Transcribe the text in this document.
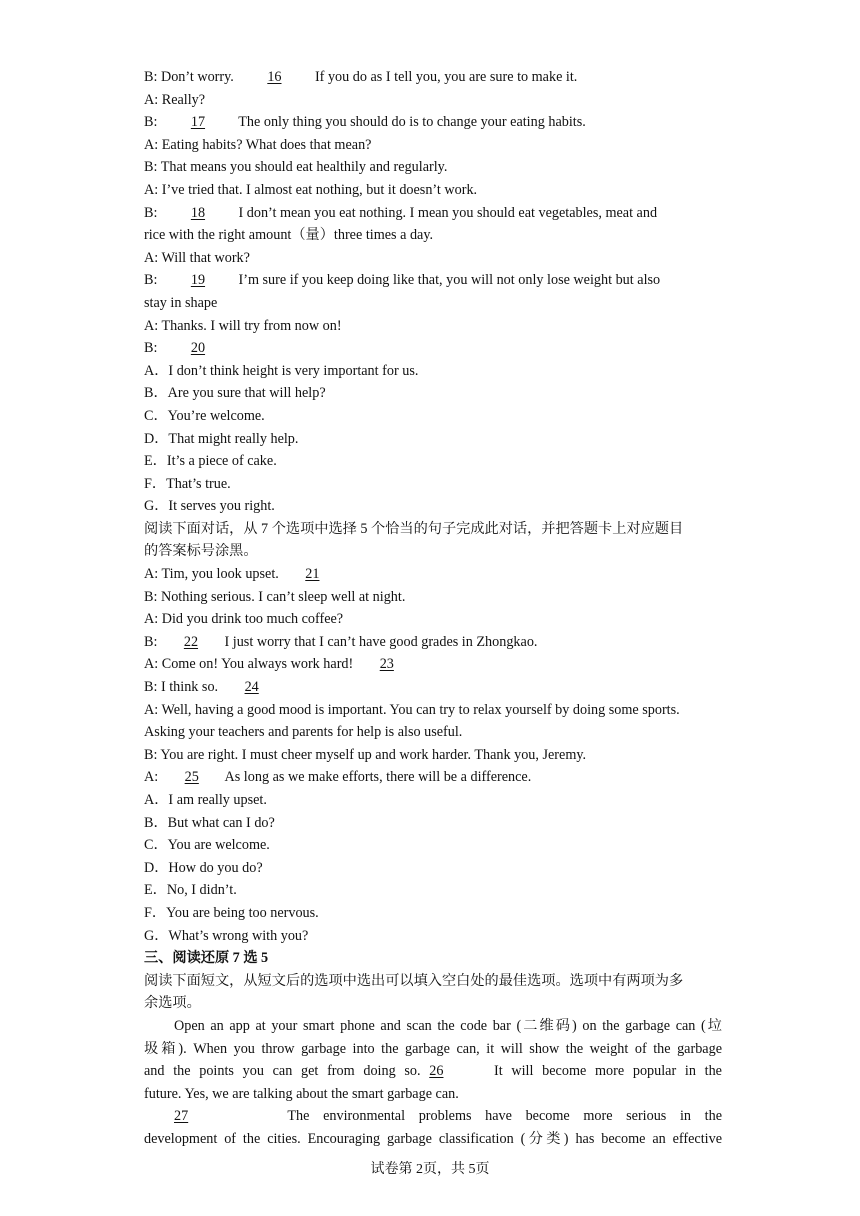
B: Don’t worry. 16 If you do as I tell you, you are sure to make it.
A: Really?
B: 17 The only thing you should do is to change your eating habits.
A: Eating habits? What does that mean?
B: That means you should eat healthily and regularly.
A: I’ve tried that. I almost eat nothing, but it doesn’t work.
B: 18 I don’t mean you eat nothing. I mean you should eat vegetables, meat and
rice with the right amount（量）three times a day.
A: Will that work?
B: 19 I’m sure if you keep doing like that, you will not only lose weight but also
stay in shape
A: Thanks. I will try from now on!
B: 20
A．I don’t think height is very important for us.
B．Are you sure that will help?
C．You’re welcome.
D．That might really help.
E．It’s a piece of cake.
F．That’s true.
G．It serves you right.
阅读下面对话，从 7 个选项中选择 5 个恰当的句子完成此对话，并把答题卡上对应题目
的答案标号涂黑。
A: Tim, you look upset. 21
B: Nothing serious. I can’t sleep well at night.
A: Did you drink too much coffee?
B: 22 I just worry that I can’t have good grades in Zhongkao.
A: Come on! You always work hard! 23
B: I think so. 24
A: Well, having a good mood is important. You can try to relax yourself by doing some sports.
Asking your teachers and parents for help is also useful.
B: You are right. I must cheer myself up and work harder. Thank you, Jeremy.
A: 25 As long as we make efforts, there will be a difference.
A．I am really upset.
B．But what can I do?
C．You are welcome.
D．How do you do?
E．No, I didn’t.
F．You are being too nervous.
G．What’s wrong with you?
三、阅读还原 7 选 5
阅读下面短文，从短文后的选项中选出可以填入空白处的最佳选项。选项中有两项为多
余选项。
Open an app at your smart phone and scan the code bar (二维码) on the garbage can (垃
圾箱). When you throw garbage into the garbage can, it will show the weight of the garbage
and the points you can get from doing so. 26	It will become more popular in the
future. Yes, we are talking about the smart garbage can.
27	The environmental problems have become more serious in the
development of the cities. Encouraging garbage classification (分类) has become an effective
试卷第 2页，共 5页
